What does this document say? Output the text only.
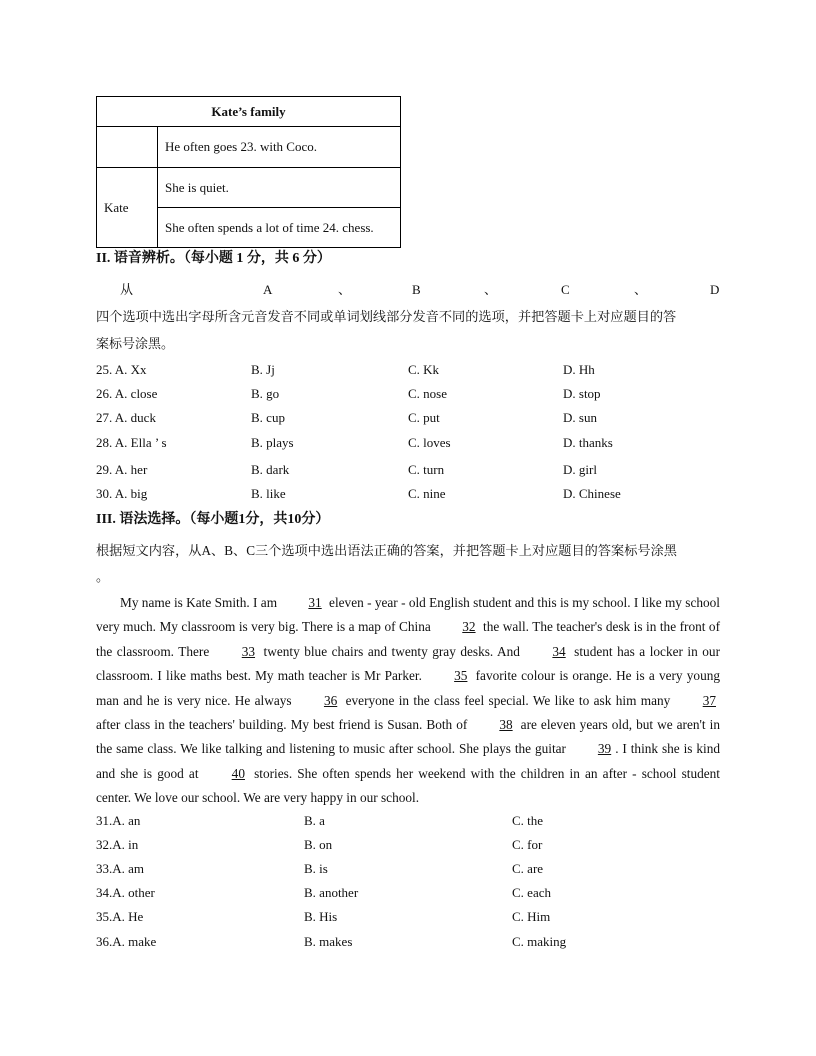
Kate’s family	
	He often goes 23. with Coco.
Kate	She is quiet.
	She often spends a lot of time 24. chess.
II. 语音辨析。（每小题 1 分，共 6 分）
从	A	、	B	、	C	、	D
四个选项中选出字母所含元音发音不同或单词划线部分发音不同的选项，并把答题卡上对应题目的答
案标号涂黑。
25. A. Xx	B. Jj	C. Kk	D. Hh
26. A. close	B. go	C. nose	D. stop
27. A. duck	B. cup	C. put	D. sun
28. A. Ella ’ s	B. plays	C. loves	D. thanks
29. A. her	B. dark	C. turn	D. girl
30. A. big	B. like	C. nine	D. Chinese
III. 语法选择。（每小题1分，共10分）
根据短文内容，从A、B、C三个选项中选出语法正确的答案，并把答题卡上对应题目的答案标号涂黑
。

My name is Kate Smith. I am 31 eleven - year - old English student and this is my school. I like my school very much. My classroom is very big. There is a map of China 32 the wall. The teacher's desk is in the front of the classroom. There 33 twenty blue chairs and twenty gray desks. And 34 student has a locker in our classroom. I like maths best. My math teacher is Mr Parker. 35 favorite colour is orange. He is a very young man and he is very nice. He always 36 everyone in the class feel special. We like to ask him many 37 after class in the teachers' building. My best friend is Susan. Both of 38 are eleven years old, but we aren't in the same class. We like talking and listening to music after school. She plays the guitar 39 . I think she is kind and she is good at 40 stories. She often spends her weekend with the children in an after - school student center. We love our school. We are very happy in our school.

31.A. an	B. a	C. the
32.A. in	B. on	C. for
33.A. am	B. is	C. are
34.A. other	B. another	C. each
35.A. He	B. His	C. Him
36.A. make	B. makes	C. making
